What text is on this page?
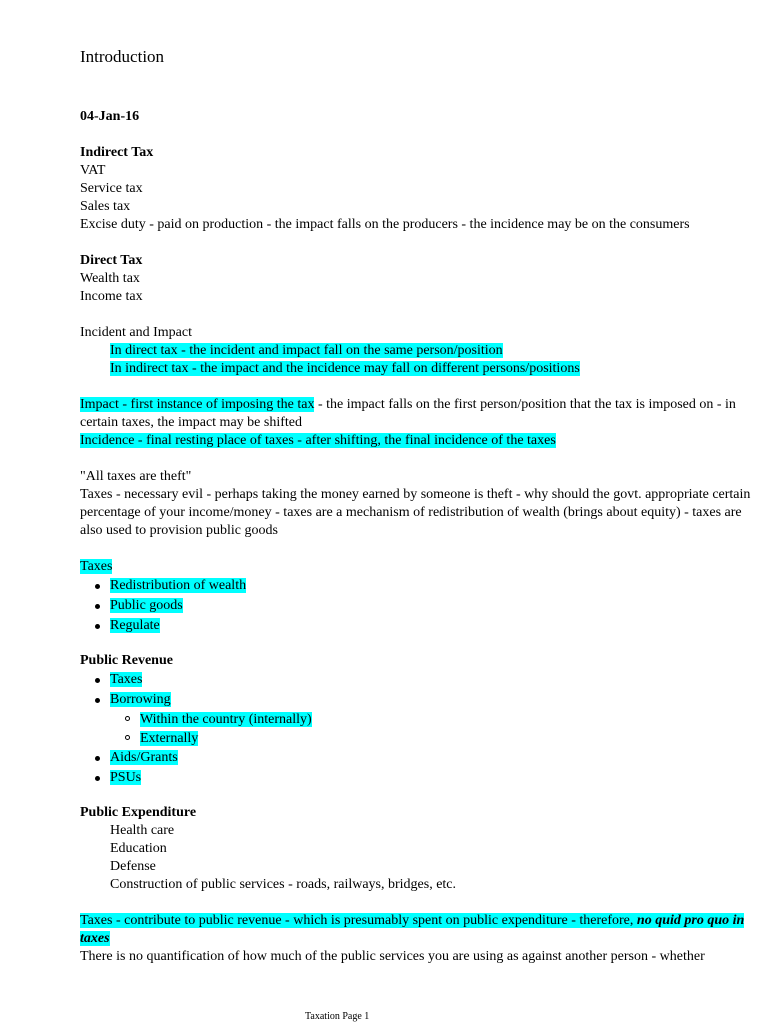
Introduction
04-Jan-16
Indirect Tax
VAT
Service tax
Sales tax
Excise duty - paid on production - the impact falls on the producers - the incidence may be on the consumers
Direct Tax
Wealth tax
Income tax
Incident and Impact
In direct tax - the incident and impact fall on the same person/position
In indirect tax - the impact and the incidence may fall on different persons/positions
Impact - first instance of imposing the tax - the impact falls on the first person/position that the tax is imposed on - in certain taxes, the impact may be shifted
Incidence - final resting place of taxes - after shifting, the final incidence of the taxes
"All taxes are theft"
Taxes - necessary evil - perhaps taking the money earned by someone is theft - why should the govt. appropriate certain percentage of your income/money - taxes are a mechanism of redistribution of wealth (brings about equity) - taxes are also used to provision public goods
Taxes
Redistribution of wealth
Public goods
Regulate
Public Revenue
Taxes
Borrowing
Within the country (internally)
Externally
Aids/Grants
PSUs
Public Expenditure
Health care
Education
Defense
Construction of public services - roads, railways, bridges, etc.
Taxes - contribute to public revenue - which is presumably spent on public expenditure - therefore, no quid pro quo in taxes
There is no quantification of how much of the public services you are using as against another person - whether
Taxation Page 1
